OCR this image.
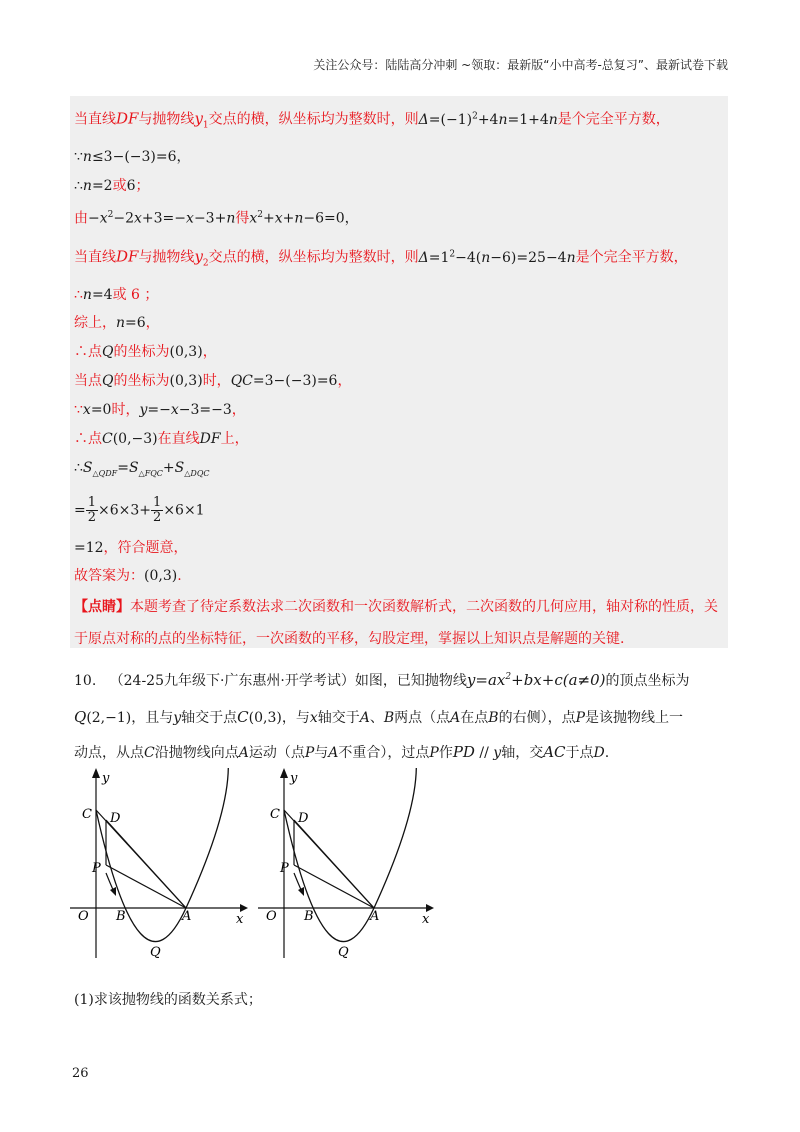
关注公众号：陆陆高分冲刺 ~领取：最新版“小中高考-总复习”、最新试卷下载
当直线DF与抛物线$y_1$交点的横，纵坐标均为整数时，则$\Delta=(-1)^2+4n=1+4n$是个完全平方数，
∵n≤3−(−3)=6，
∴n=2或6；
由$-x^2-2x+3=-x-3+n$得$x^2+x+n-6=0$，
当直线DF与抛物线$y_2$交点的横，纵坐标均为整数时，则$\Delta=1^2-4(n-6)=25-4n$是个完全平方数，
∴n=4或 6 ；
综上，n=6，
∴点Q的坐标为(0,3)，
当点Q的坐标为(0,3)时，QC=3−(−3)=6，
∵x=0时，y=−x−3=−3，
∴点C(0,−3)在直线DF上，
$\therefore S_{\triangle QDF}=S_{\triangle FQC}+S_{\triangle DQC}$
= 1
2 ×6×3+ 1
2 ×6×1
=12，符合题意，
故答案为：(0,3).
【点睛】本题考查了待定系数法求二次函数和一次函数解析式，二次函数的几何应用，轴对称的性质，关
于原点对称的点的坐标特征，一次函数的平移，勾股定理，掌握以上知识点是解题的关键.
10. （24-25九年级下·广东惠州·开学考试）如图，已知抛物线$y=ax^2+bx+c(a\ne 0)$的顶点坐标为
Q(2,−1)，且与y轴交于点C(0,3)，与x轴交于A、B两点（点A在点B的右侧），点P是该抛物线上一
动点，从点C沿抛物线向点A运动（点P与A不重合），过点P作PD // y轴，交AC于点D.
y
x
O
C D
P
B	A
Q
y
x
O
C D
P
B	A
Q
(1)求该抛物线的函数关系式；
26
